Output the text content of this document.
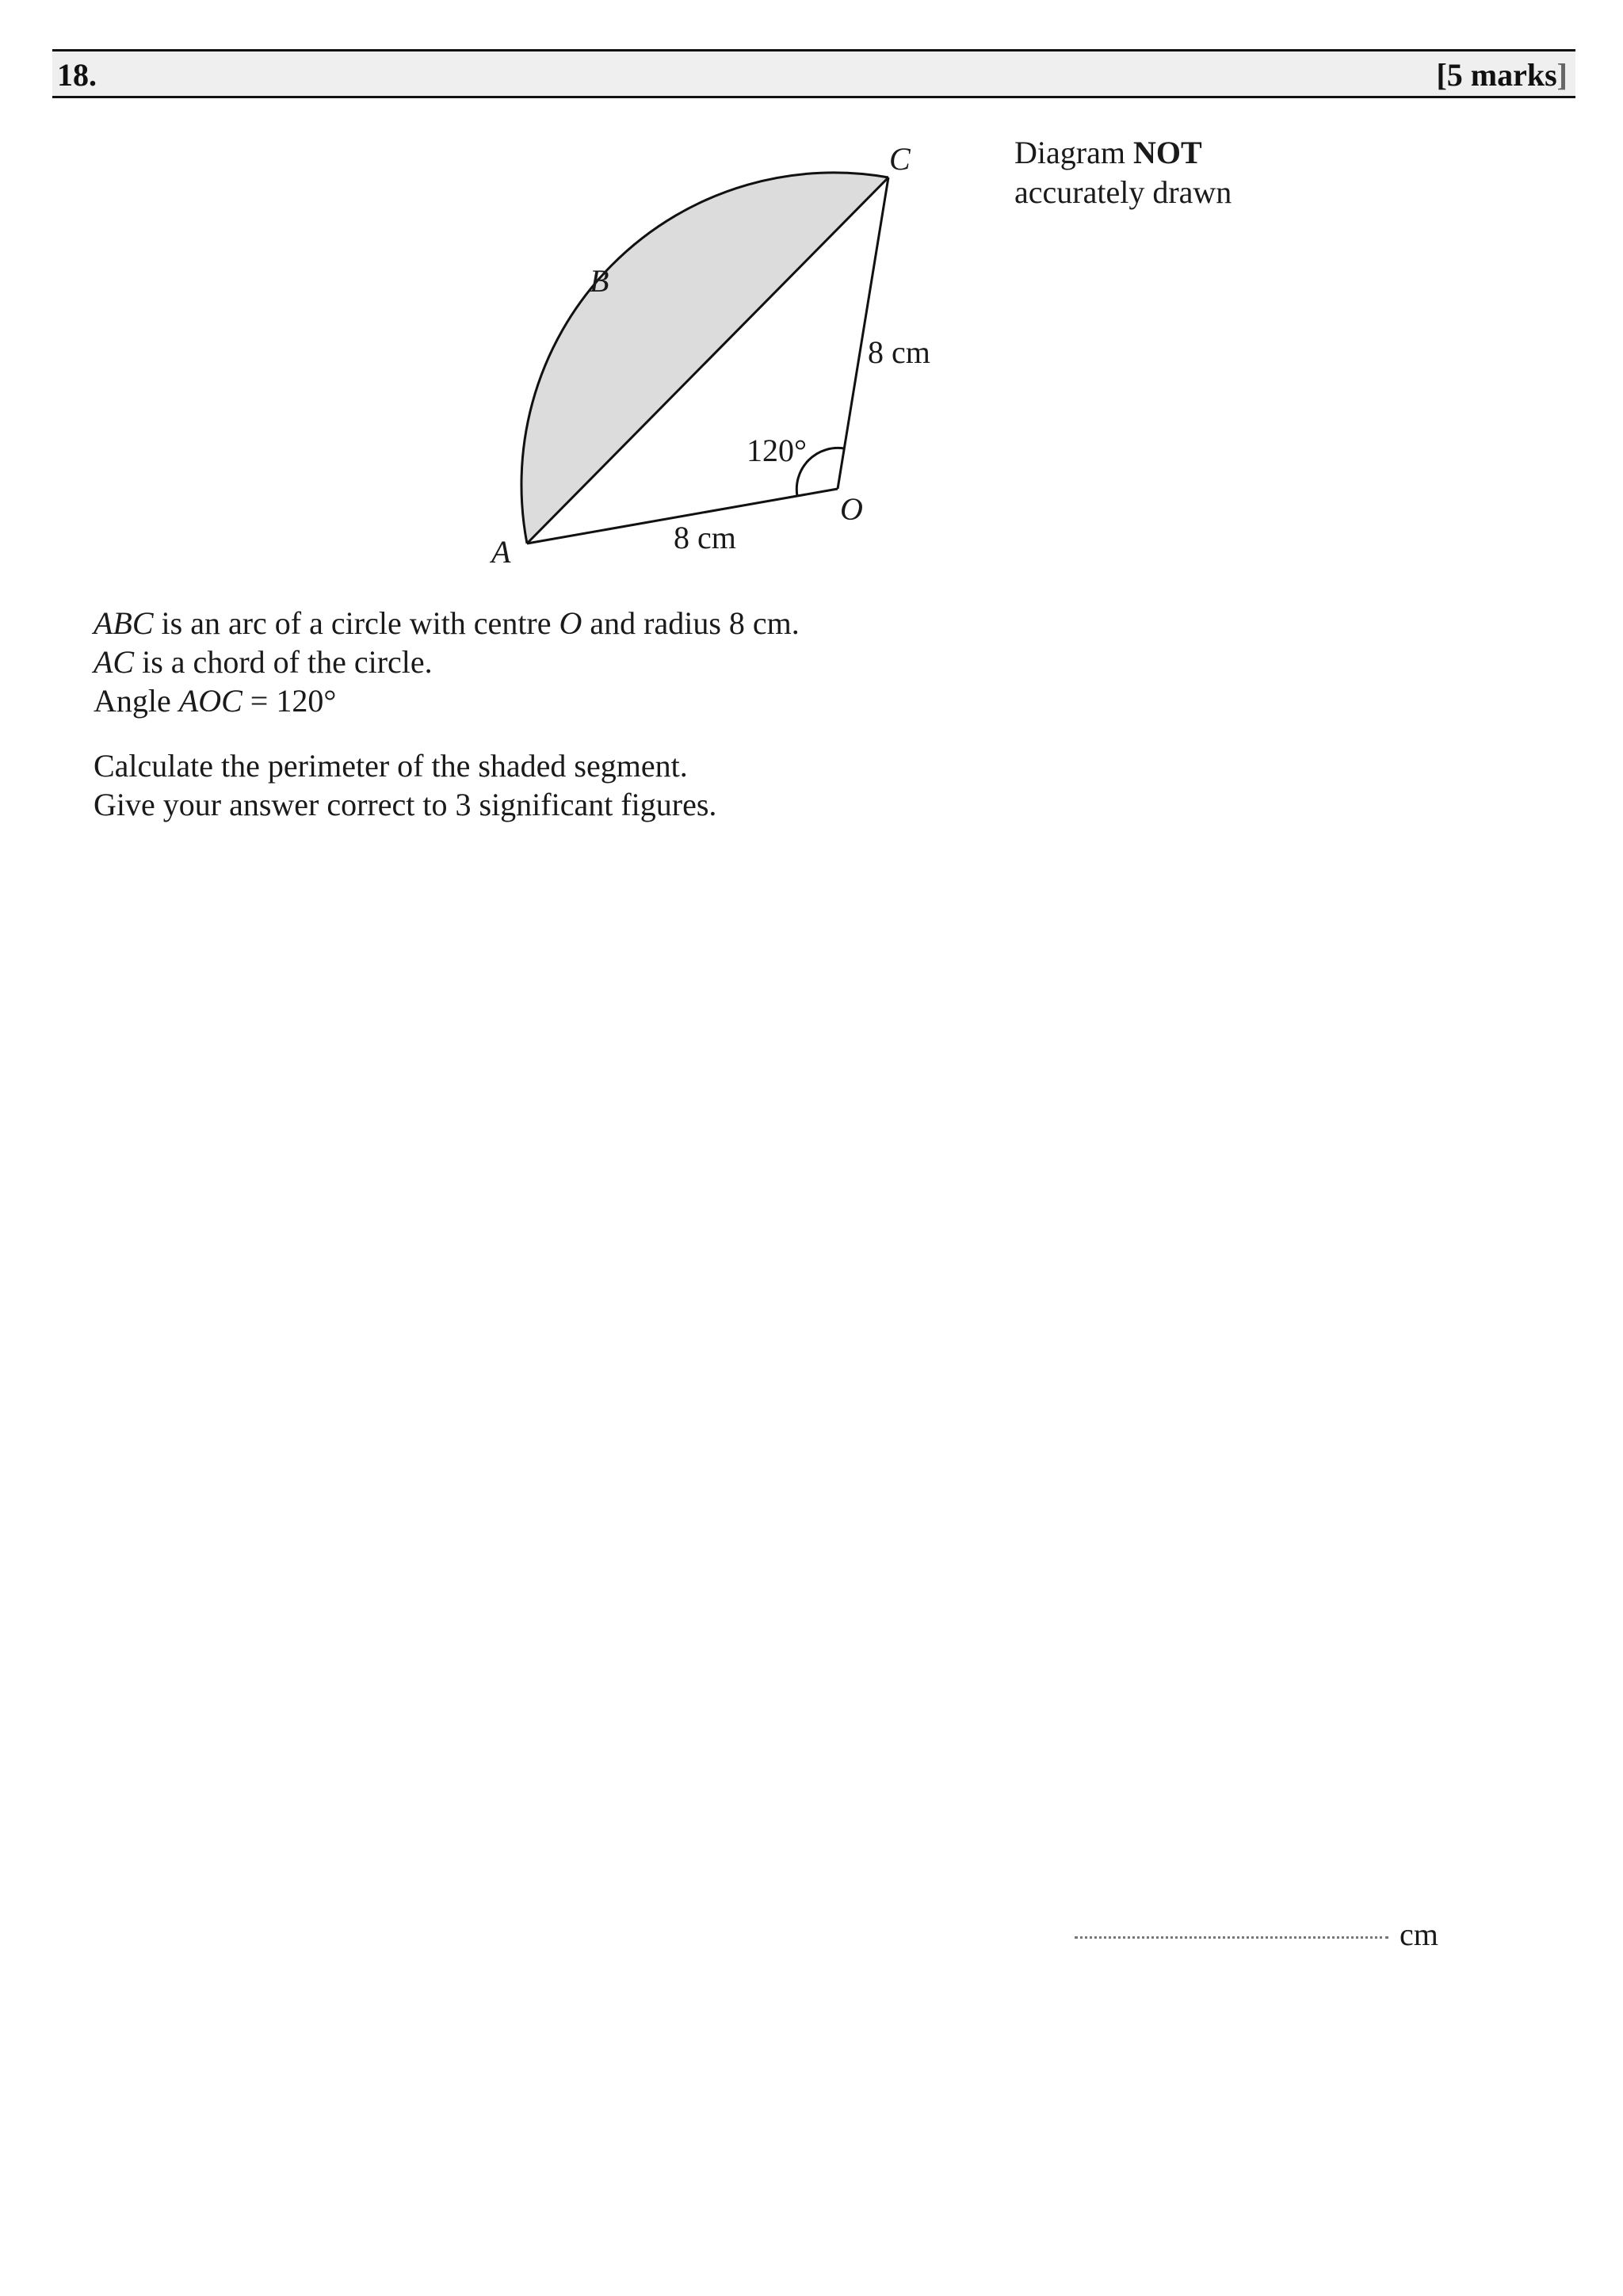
18.	[5 marks]
C
B
A
O
8 cm
8 cm
120°
Diagram NOT
accurately drawn

ABC is an arc of a circle with centre O and radius 8 cm.

AC is a chord of the circle.

Angle AOC = 120°

Calculate the perimeter of the shaded segment.

Give your answer correct to 3 significant figures.

cm
